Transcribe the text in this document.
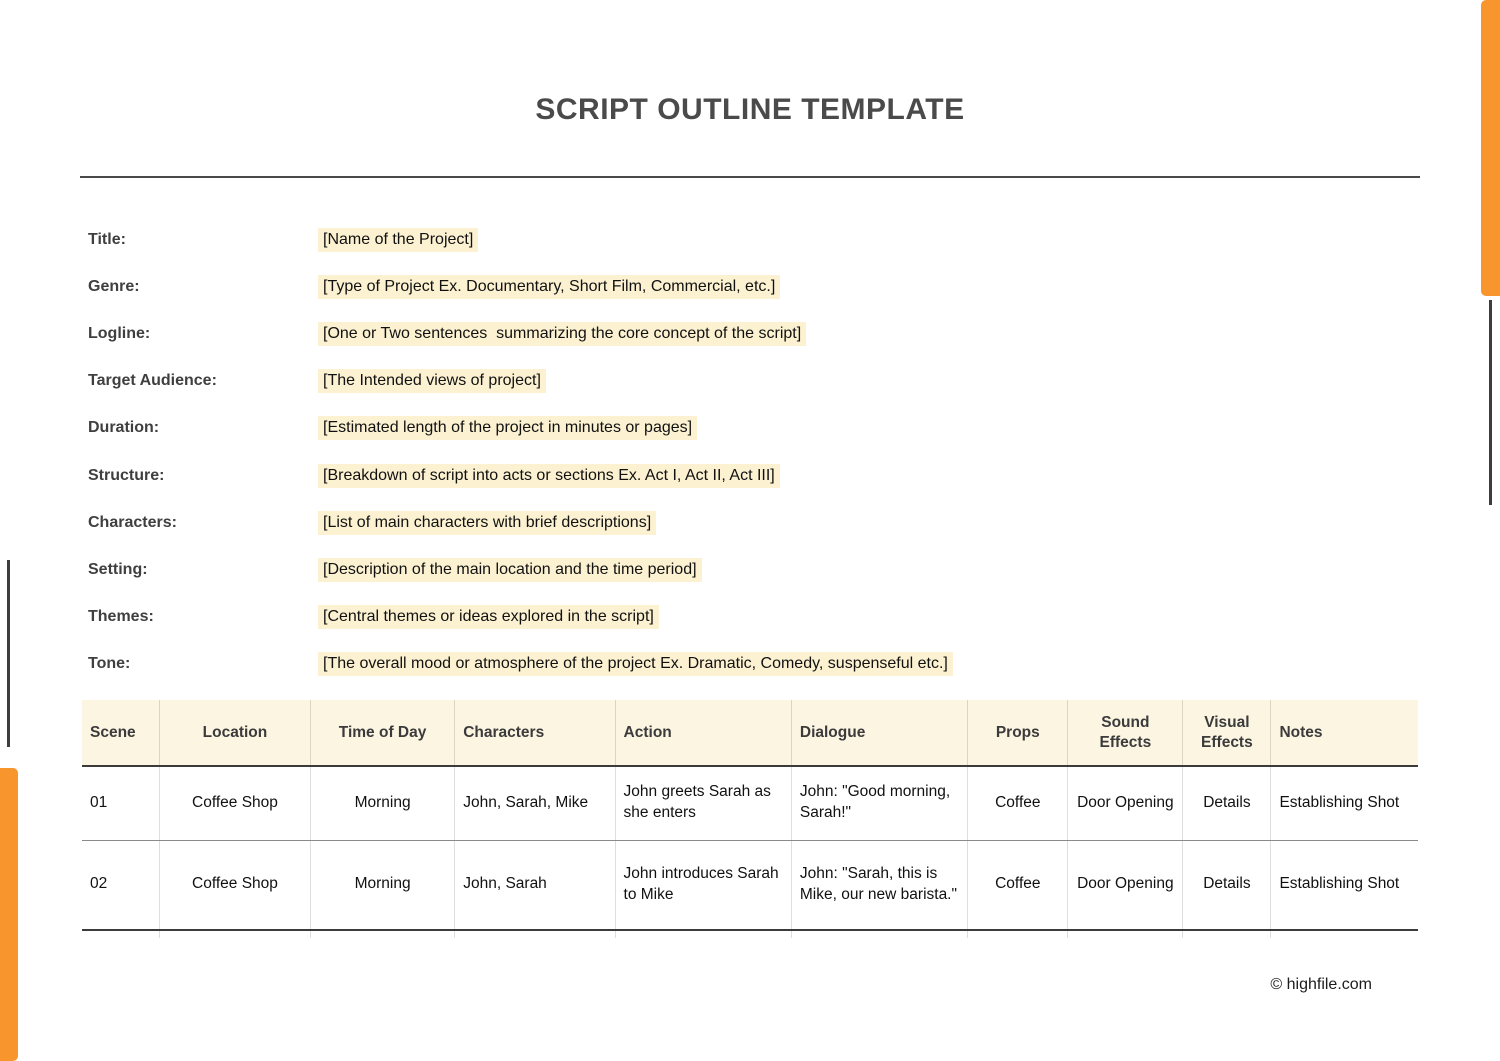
SCRIPT OUTLINE TEMPLATE
Title:	[Name of the Project]
Genre:	[Type of Project Ex. Documentary, Short Film, Commercial, etc.]
Logline:	[One or Two sentences  summarizing the core concept of the script]
Target Audience:	[The Intended views of project]
Duration:	[Estimated length of the project in minutes or pages]
Structure:	[Breakdown of script into acts or sections Ex. Act I, Act II, Act III]
Characters:	[List of main characters with brief descriptions]
Setting:	[Description of the main location and the time period]
Themes:	[Central themes or ideas explored in the script]
Tone:	[The overall mood or atmosphere of the project Ex. Dramatic, Comedy, suspenseful etc.]
Scene	Location	Time of Day	Characters	Action	Dialogue	Props	Sound Effects	Visual Effects	Notes
01	Coffee Shop	Morning	John, Sarah, Mike	John greets Sarah as she enters	John: "Good morning, Sarah!"	Coffee	Door Opening	Details	Establishing Shot
02	Coffee Shop	Morning	John, Sarah	John introduces Sarah to Mike	John: "Sarah, this is Mike, our new barista."	Coffee	Door Opening	Details	Establishing Shot

© highfile.com
